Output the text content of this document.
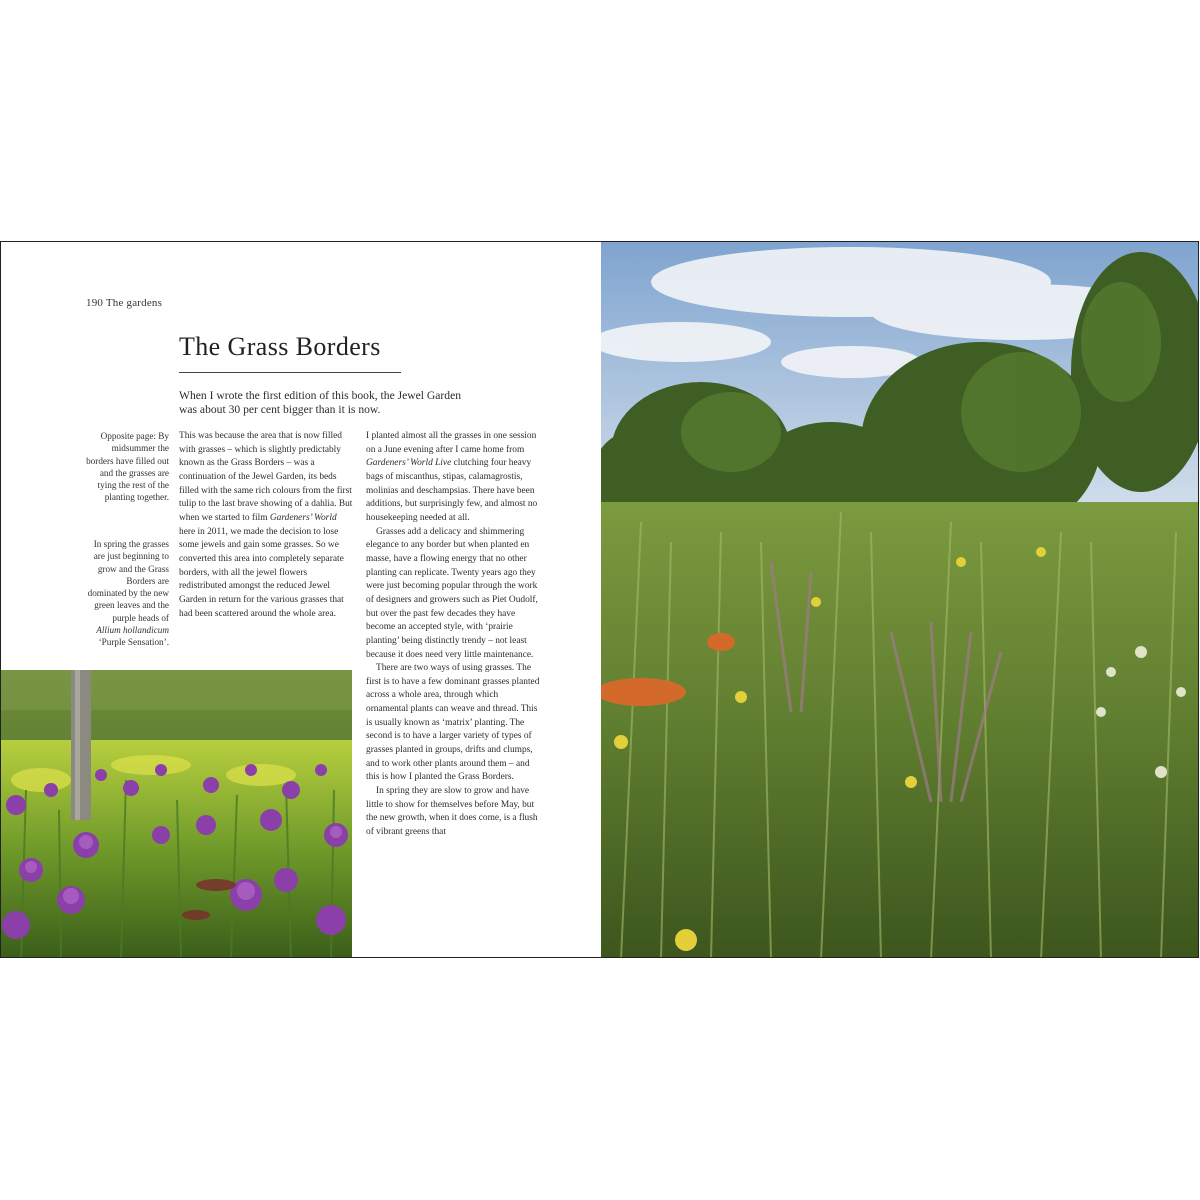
190 The gardens
The Grass Borders
When I wrote the first edition of this book, the Jewel Garden was about 30 per cent bigger than it is now.

Opposite page: By midsummer the borders have filled out and the grasses are tying the rest of the planting together.

In spring the grasses are just beginning to grow and the Grass Borders are dominated by the new green leaves and the purple heads of Allium hollandicum ‘Purple Sensation’.

This was because the area that is now filled with grasses – which is slightly predictably known as the Grass Borders – was a continuation of the Jewel Garden, its beds filled with the same rich colours from the first tulip to the last brave showing of a dahlia. But when we started to film Gardeners’ World here in 2011, we made the decision to lose some jewels and gain some grasses. So we converted this area into completely separate borders, with all the jewel flowers redistributed amongst the reduced Jewel Garden in return for the various grasses that had been scattered around the whole area.

I planted almost all the grasses in one session on a June evening after I came home from Gardeners’ World Live clutching four heavy bags of miscanthus, stipas, calamagrostis, molinias and deschampsias. There have been additions, but surprisingly few, and almost no housekeeping needed at all.

Grasses add a delicacy and shimmering elegance to any border but when planted en masse, have a flowing energy that no other planting can replicate. Twenty years ago they were just becoming popular through the work of designers and growers such as Piet Oudolf, but over the past few decades they have become an accepted style, with ‘prairie planting’ being distinctly trendy – not least because it does need very little maintenance.

There are two ways of using grasses. The first is to have a few dominant grasses planted across a whole area, through which ornamental plants can weave and thread. This is usually known as ‘matrix’ planting. The second is to have a larger variety of types of grasses planted in groups, drifts and clumps, and to work other plants around them – and this is how I planted the Grass Borders.

In spring they are slow to grow and have little to show for themselves before May, but the new growth, when it does come, is a flush of vibrant greens that
